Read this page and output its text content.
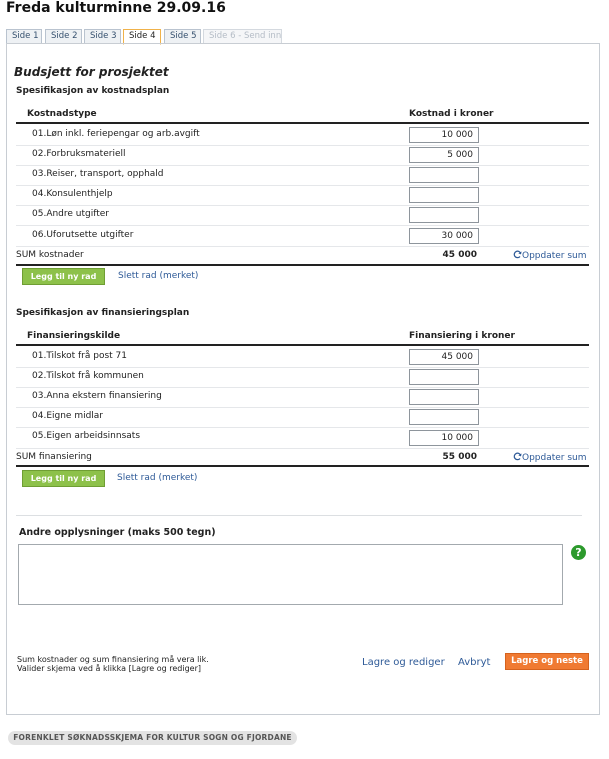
Freda kulturminne 29.09.16
Side 1	Side 2	Side 3	Side 4	Side 5	Side 6 - Send inn
Budsjett for prosjektet
Spesifikasjon av kostnadsplan
Kostnadstype	Kostnad i kroner
01.Løn inkl. feriepengar og arb.avgift	10 000
02.Forbruksmateriell	5 000
03.Reiser, transport, opphald
04.Konsulenthjelp
05.Andre utgifter
06.Uforutsette utgifter	30 000
SUM kostnader	45 000	Oppdater sum
Legg til ny rad	Slett rad (merket)
Spesifikasjon av finansieringsplan
Finansieringskilde	Finansiering i kroner
01.Tilskot frå post 71	45 000
02.Tilskot frå kommunen
03.Anna ekstern finansiering
04.Eigne midlar
05.Eigen arbeidsinnsats	10 000
SUM finansiering	55 000	Oppdater sum
Legg til ny rad	Slett rad (merket)
Andre opplysninger (maks 500 tegn)
?
Sum kostnader og sum finansiering må vera lik.
Valider skjema ved å klikka [Lagre og rediger]
Lagre og rediger Avbryt	Lagre og neste
FORENKLET SØKNADSSKJEMA FOR KULTUR SOGN OG FJORDANE
